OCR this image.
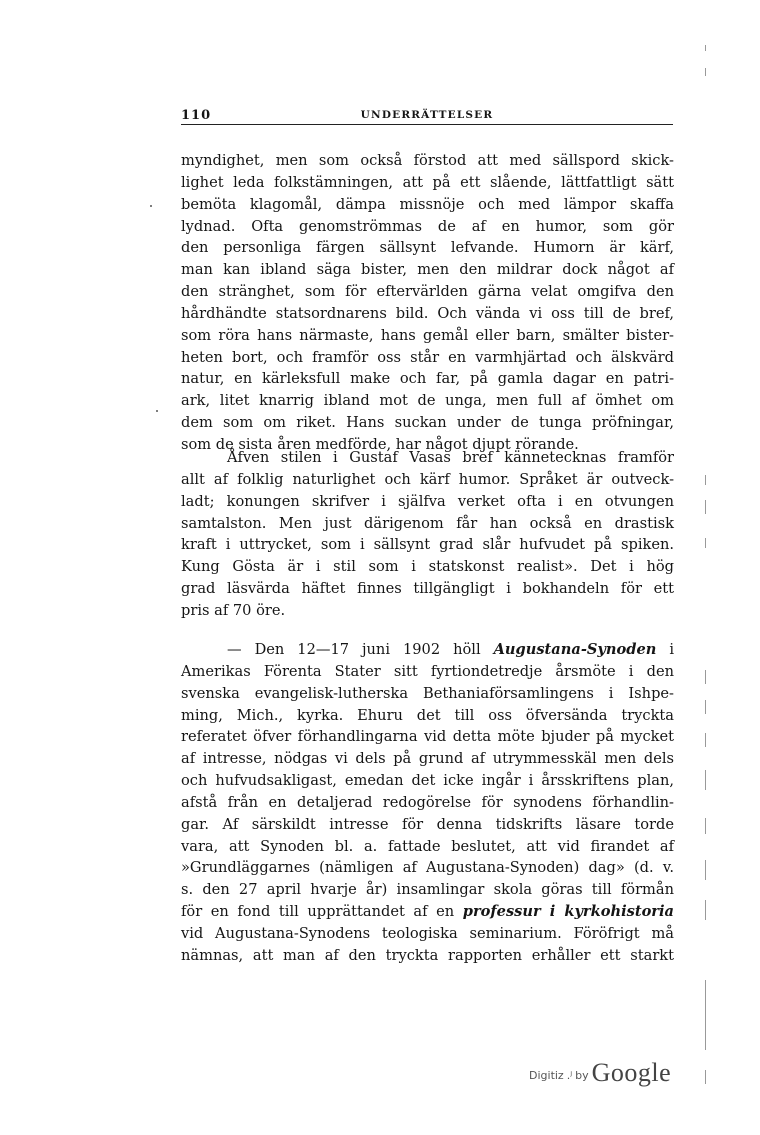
110	UNDERRÄTTELSER
myndighet, men som också förstod att med sällspord skick-
lighet leda folkstämningen, att på ett slående, lättfattligt sätt
bemöta klagomål, dämpa missnöje och med lämpor skaffa
lydnad. Ofta genomströmmas de af en humor, som gör
den personliga färgen sällsynt lefvande. Humorn är kärf,
man kan ibland säga bister, men den mildrar dock något af
den stränghet, som för eftervärlden gärna velat omgifva den
hårdhändte statsordnarens bild. Och vända vi oss till de bref,
som röra hans närmaste, hans gemål eller barn, smälter bister-
heten bort, och framför oss står en varmhjärtad och älskvärd
natur, en kärleksfull make och far, på gamla dagar en patri-
ark, litet knarrig ibland mot de unga, men full af ömhet om
dem som om riket. Hans suckan under de tunga pröfningar,
som de sista åren medförde, har något djupt rörande.
Åfven stilen i Gustaf Vasas bref kännetecknas framför
allt af folklig naturlighet och kärf humor. Språket är outveck-
ladt; konungen skrifver i själfva verket ofta i en otvungen
samtalston. Men just därigenom får han också en drastisk
kraft i uttrycket, som i sällsynt grad slår hufvudet på spiken.
Kung Gösta är i stil som i statskonst realist». Det i hög
grad läsvärda häftet finnes tillgängligt i bokhandeln för ett
pris af 70 öre.
— Den 12—17 juni 1902 höll Augustana-Synoden i
Amerikas Förenta Stater sitt fyrtiondetredje årsmöte i den
svenska evangelisk-lutherska Bethaniaförsamlingens i Ishpe-
ming, Mich., kyrka. Ehuru det till oss öfversända tryckta
referatet öfver förhandlingarna vid detta möte bjuder på mycket
af intresse, nödgas vi dels på grund af utrymmesskäl men dels
och hufvudsakligast, emedan det icke ingår i årsskriftens plan,
afstå från en detaljerad redogörelse för synodens förhandlin-
gar. Af särskildt intresse för denna tidskrifts läsare torde
vara, att Synoden bl. a. fattade beslutet, att vid firandet af
»Grundläggarnes (nämligen af Augustana-Synoden) dag» (d. v.
s. den 27 april hvarje år) insamlingar skola göras till förmån
för en fond till upprättandet af en professur i kyrkohistoria
vid Augustana-Synodens teologiska seminarium. Föröfrigt må
nämnas, att man af den tryckta rapporten erhåller ett starkt
Digitiz .ʲ by Google
